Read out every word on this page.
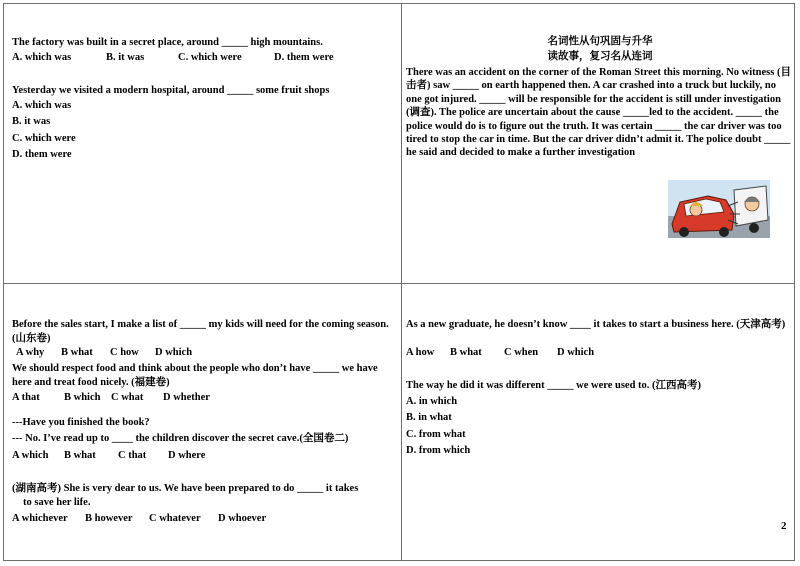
The factory was built in a secret place, around _____ high mountains.
A. which was	B. it was	C. which were	D. them were
Yesterday we visited a modern hospital, around _____ some fruit shops
A. which was
B. it was
C. which were
D. them were
名词性从句巩固与升华
读故事，复习名从连词
There was an accident on the corner of the Roman Street this morning. No witness (目击者) saw _____ on earth happened then. A car crashed into a truck but luckily, no one got injured. _____ will be responsible for the accident is still under investigation (调查). The police are uncertain about the cause _____led to the accident. _____ the police would do is to figure out the truth. It was certain _____ the car driver was too tired to stop the car in time. But the car driver didn’t admit it. The police doubt _____ he said and decided to make a further investigation
Before the sales start, I make a list of _____ my kids will need for the coming season. (山东卷)
A why B what C how D which
We should respect food and think about the people who don’t have _____ we have here and treat food nicely. (福建卷)
A that B which C what D whether
---Have you finished the book?
--- No. I’ve read up to ____ the children discover the secret cave.(全国卷二)
A which B what C that D where
(湖南高考) She is very dear to us. We have been prepared to do _____ it takes
to save her life.
A whichever B however C whatever D whoever
As a new graduate, he doesn’t know ____ it takes to start a business here. (天津高考)
A how B what C when D which
The way he did it was different _____ we were used to. (江西高考)
A. in which
B. in what
C. from what
D. from which
2
